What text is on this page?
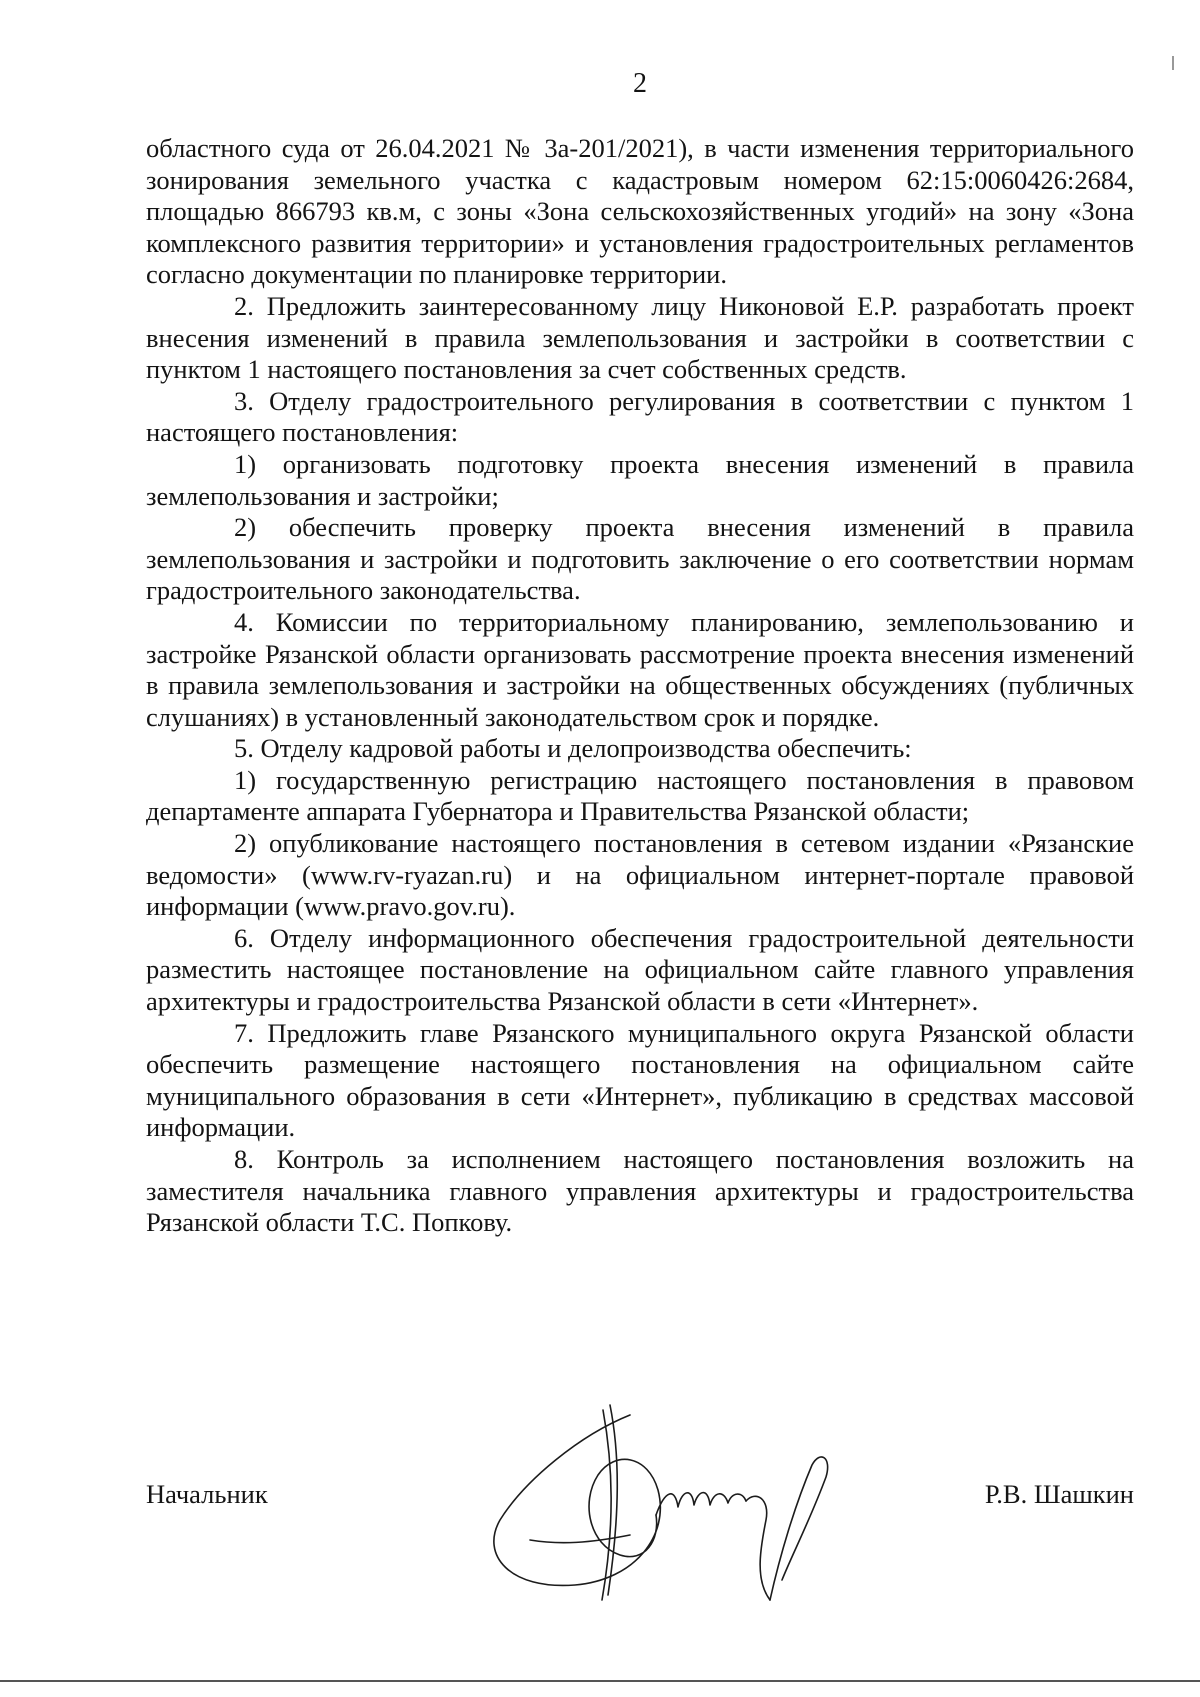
2

областного суда от 26.04.2021 № 3а-201/2021), в части изменения территориального зонирования земельного участка с кадастровым номером 62:15:0060426:2684, площадью 866793 кв.м, с зоны «Зона сельскохозяйственных угодий» на зону «Зона комплексного развития территории» и установления градостроительных регламентов согласно документации по планировке территории.

2. Предложить заинтересованному лицу Никоновой Е.Р. разработать проект внесения изменений в правила землепользования и застройки в соответствии с пунктом 1 настоящего постановления за счет собственных средств.

3. Отделу градостроительного регулирования в соответствии с пунктом 1 настоящего постановления:

1) организовать подготовку проекта внесения изменений в правила землепользования и застройки;

2) обеспечить проверку проекта внесения изменений в правила землепользования и застройки и подготовить заключение о его соответствии нормам градостроительного законодательства.

4. Комиссии по территориальному планированию, землепользованию и застройке Рязанской области организовать рассмотрение проекта внесения изменений в правила землепользования и застройки на общественных обсуждениях (публичных слушаниях) в установленный законодательством срок и порядке.

5. Отделу кадровой работы и делопроизводства обеспечить:

1) государственную регистрацию настоящего постановления в правовом департаменте аппарата Губернатора и Правительства Рязанской области;

2) опубликование настоящего постановления в сетевом издании «Рязанские ведомости» (www.rv-ryazan.ru) и на официальном интернет-портале правовой информации (www.pravo.gov.ru).

6. Отделу информационного обеспечения градостроительной деятельности разместить настоящее постановление на официальном сайте главного управления архитектуры и градостроительства Рязанской области в сети «Интернет».

7. Предложить главе Рязанского муниципального округа Рязанской области обеспечить размещение настоящего постановления на официальном сайте муниципального образования в сети «Интернет», публикацию в средствах массовой информации.

8. Контроль за исполнением настоящего постановления возложить на заместителя начальника главного управления архитектуры и градостроительства Рязанской области Т.С. Попкову.

Начальник	Р.В. Шашкин
